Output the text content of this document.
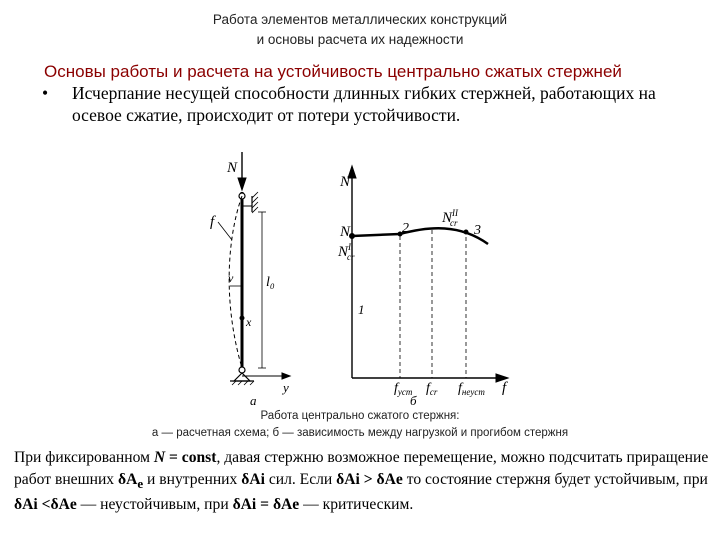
Работа элементов металлических конструкций
и основы расчета их надежности
Основы работы и расчета на устойчивость центрально сжатых стержней
• Исчерпание несущей способности длинных гибких стержней, работающих на осевое сжатие, происходит от потери устойчивости.
N
f
l₀
v
x
y
а
N
N
$N^I$ cr
$N^{II}$ cr
1
2	3
$f_{уст}$ $f_{cr}$ $f_{неуст}$ f
б
Работа центрально сжатого стержня:
а — расчетная схема; б — зависимость между нагрузкой и прогибом стержня
При фиксированном N = const, давая стержню возможное перемещение, можно подсчитать приращение работ внешних $\delta A_e$ и внутренних δAi сил. Если δAi > δAe то состояние стержня будет устойчивым, при δAi <δAe — неустойчивым, при δAi = δAe — критическим.
